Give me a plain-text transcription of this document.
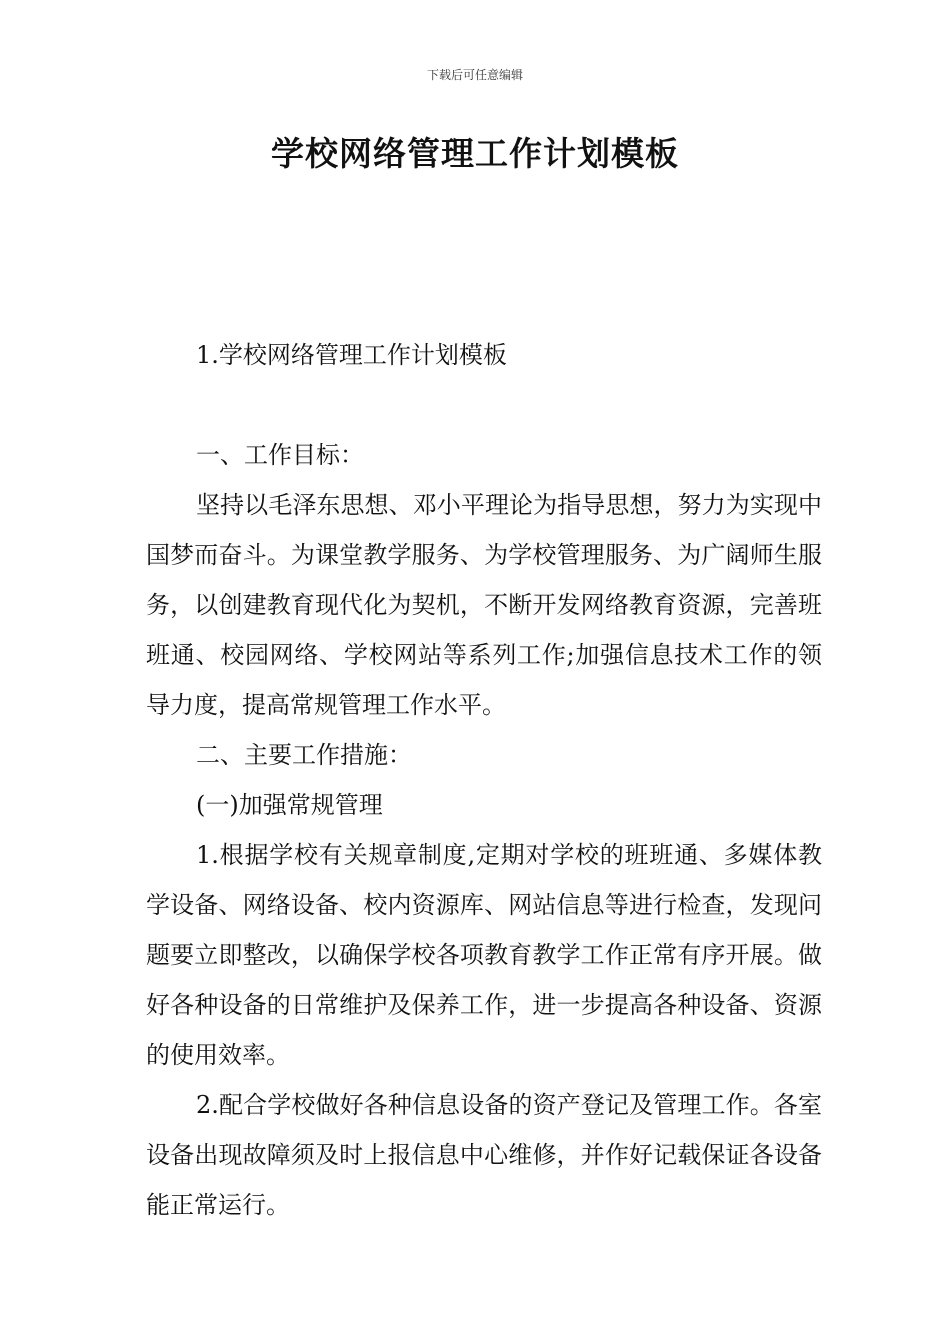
下载后可任意编辑
学校网络管理工作计划模板
1.学校网络管理工作计划模板

一、工作目标：

坚持以毛泽东思想、邓小平理论为指导思想，努力为实现中国梦而奋斗。为课堂教学服务、为学校管理服务、为广阔师生服务，以创建教育现代化为契机，不断开发网络教育资源，完善班班通、校园网络、学校网站等系列工作;加强信息技术工作的领导力度，提高常规管理工作水平。

二、主要工作措施：

(一)加强常规管理

1.根据学校有关规章制度,定期对学校的班班通、多媒体教学设备、网络设备、校内资源库、网站信息等进行检查，发现问题要立即整改，以确保学校各项教育教学工作正常有序开展。做好各种设备的日常维护及保养工作，进一步提高各种设备、资源的使用效率。

2.配合学校做好各种信息设备的资产登记及管理工作。各室设备出现故障须及时上报信息中心维修，并作好记载保证各设备能正常运行。
